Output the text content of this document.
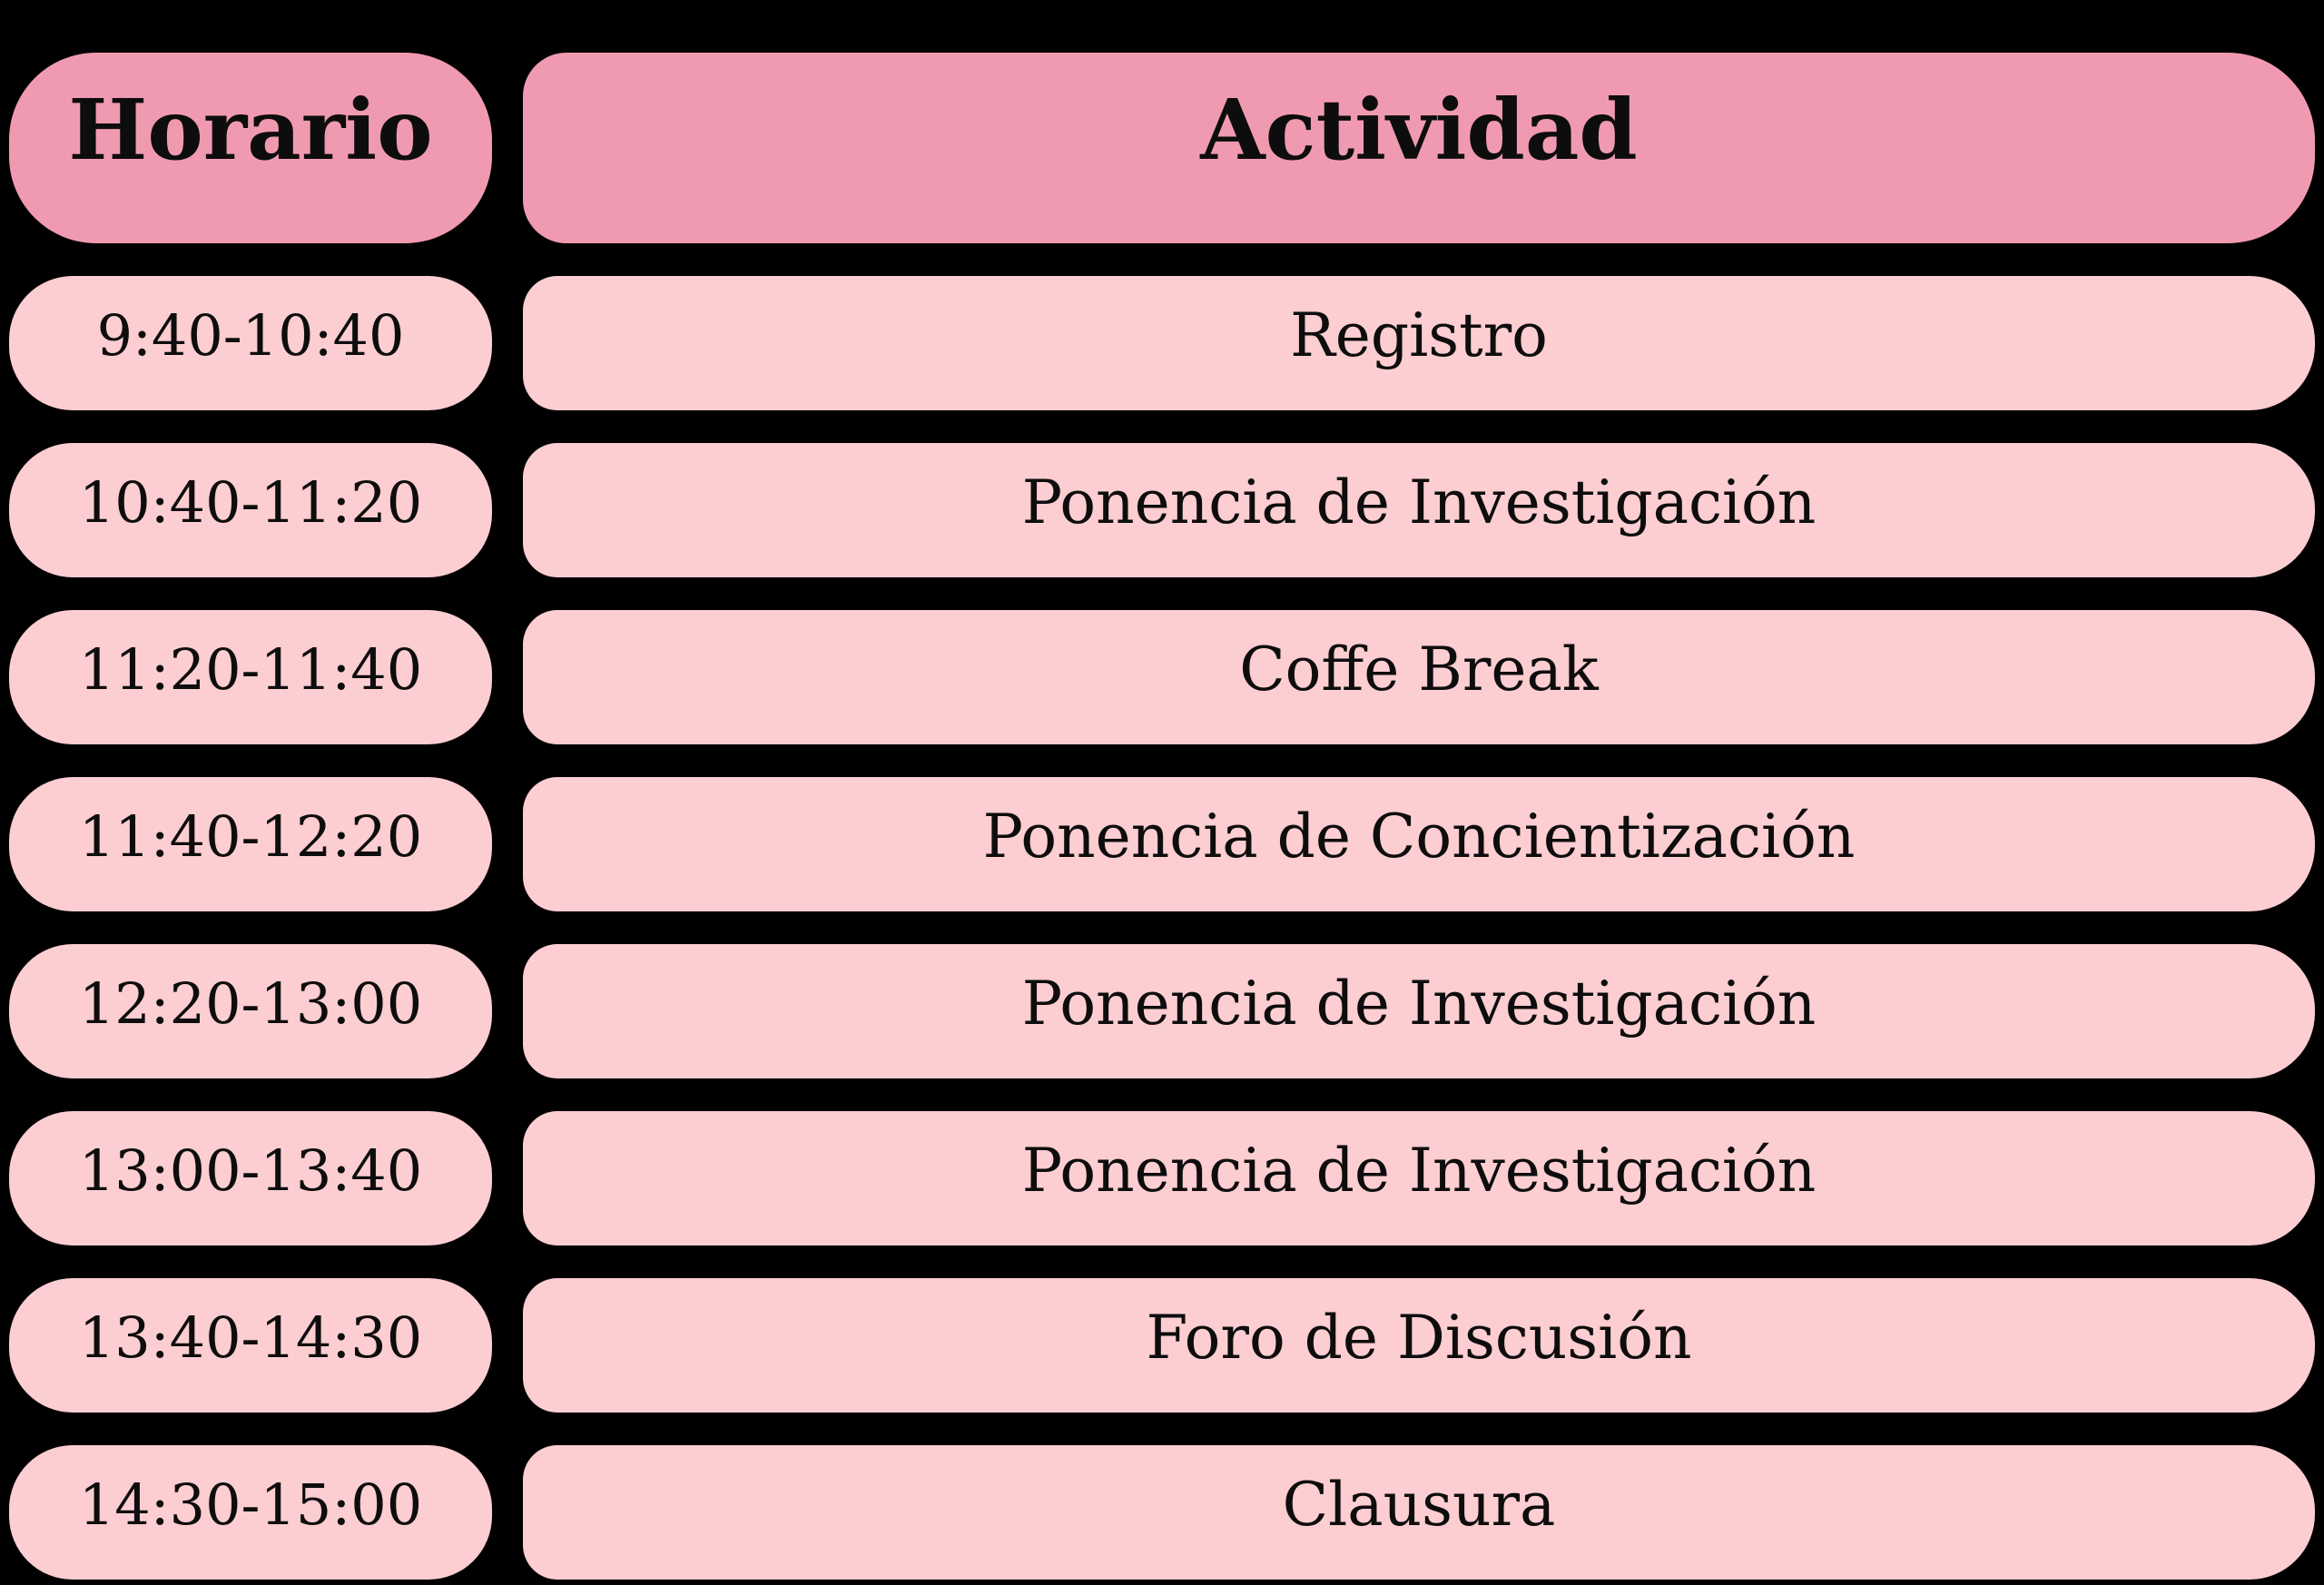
Horario	Actividad
9:40-10:40	Registro
10:40-11:20	Ponencia de Investigación
11:20-11:40	Coffe Break
11:40-12:20	Ponencia de Concientización
12:20-13:00	Ponencia de Investigación
13:00-13:40	Ponencia de Investigación
13:40-14:30	Foro de Discusión
14:30-15:00	Clausura
